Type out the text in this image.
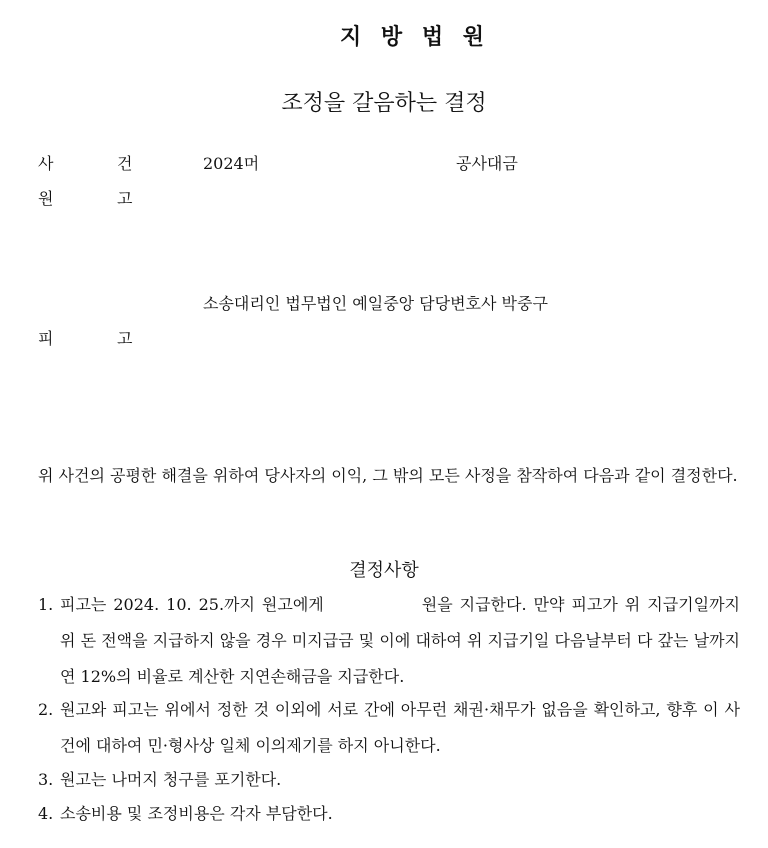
지 방 법 원
조정을 갈음하는 결정
사	건	2024머	공사대금
원	고
소송대리인 법무법인 예일중앙 담당변호사 박중구
피	고
위 사건의 공평한 해결을 위하여 당사자의 이익, 그 밖의 모든 사정을 참작하여 다음과 같이 결정한다.
결정사항
1. 피고는 2024. 10. 25.까지 원고에게	원을 지급한다. 만약 피고가 위 지급기일까지 위 돈 전액을 지급하지 않을 경우 미지급금 및 이에 대하여 위 지급기일 다음날부터 다 갚는 날까지 연 12%의 비율로 계산한 지연손해금을 지급한다.
2. 원고와 피고는 위에서 정한 것 이외에 서로 간에 아무런 채권·채무가 없음을 확인하고, 향후 이 사건에 대하여 민·형사상 일체 이의제기를 하지 아니한다.
3. 원고는 나머지 청구를 포기한다.
4. 소송비용 및 조정비용은 각자 부담한다.
